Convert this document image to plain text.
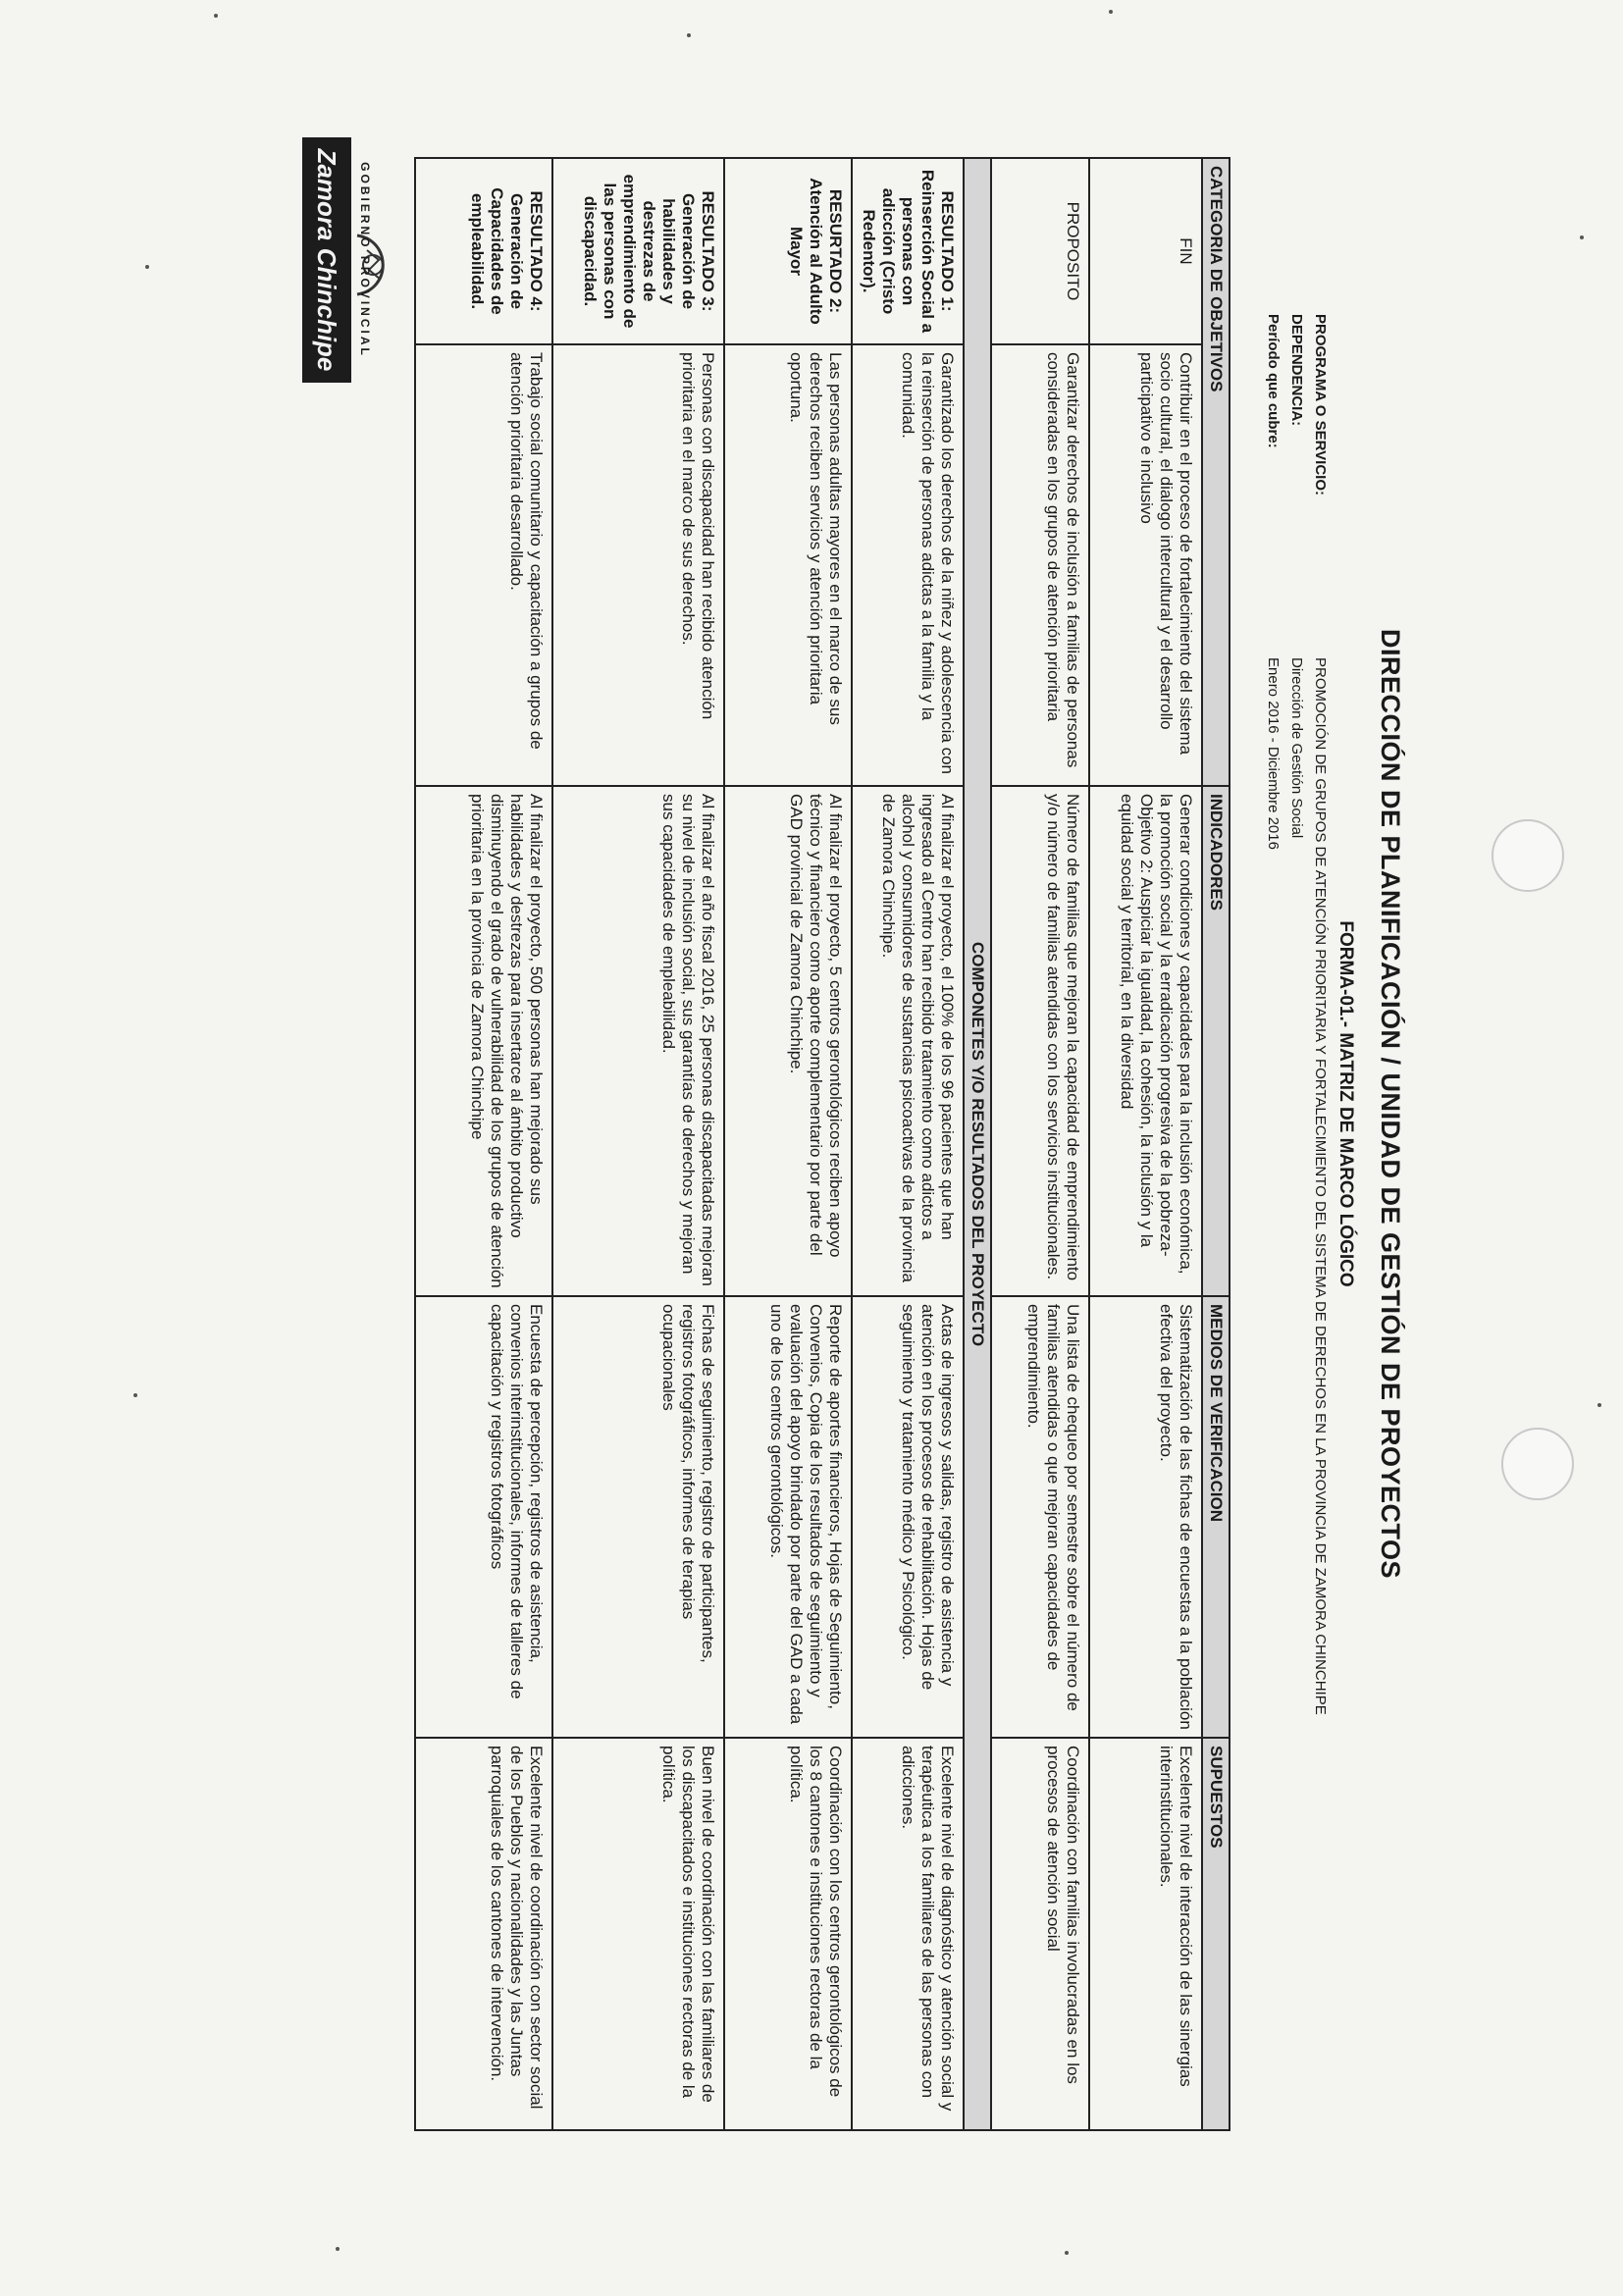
GOBIERNO PROVINCIAL
Zamora Chinchipe
DIRECCIÓN DE PLANIFICACIÓN / UNIDAD DE GESTIÓN DE PROYECTOS
FORMA-01.- MATRIZ DE MARCO LÓGICO
PROGRAMA O SERVICIO:
PROMOCIÓN DE GRUPOS DE ATENCIÓN PRIORITARIA Y FORTALECIMIENTO DEL SISTEMA DE DERECHOS EN LA PROVINCIA DE ZAMORA CHINCHIPE
DEPENDENCIA:
Dirección de Gestión Social
Período que cubre:
Enero 2016 - Diciembre 2016
CATEGORIA DE OBJETIVOS		INDICADORES	MEDIOS DE VERIFICACION	SUPUESTOS
FIN	Contribuir en el proceso de fortalecimiento del sistema socio cultural, el dialogo intercultural y el desarrollo participativo e inclusivo	Generar condiciones y capacidades para la inclusión económica, la promoción social y la erradicación progresiva de la pobreza- Objetivo 2: Auspiciar la igualdad, la cohesión, la inclusión y la equidad social y territorial, en la diversidad	Sistematización de las fichas de encuestas a la población efectiva del proyecto.	Excelente nivel de interacción de las sinergias interinstitucionales.
PROPOSITO	Garantizar derechos de inclusión a familias de personas consideradas en los grupos de atención prioritaria	Número de familias que mejoran la capacidad de emprendimiento y/o número de familias atendidas con los servicios institucionales.	Una lista de chequeo por semestre sobre el número de familias atendidas o que mejoran capacidades de emprendimiento.	Coordinación con familias involucradas en los procesos de atención social
COMPONETES Y/O RESULTADOS DEL PROYECTO				
RESULTADO 1: Reinserción Social a personas con adicción (Cristo Redentor).	Garantizado los derechos de la niñez y adolescencia con la reinserción de personas adictas a la familia y la comunidad.	Al finalizar el proyecto, el 100% de los 96 pacientes que han ingresado al Centro han recibido tratamiento como adictos a alcohol y consumidores de sustancias psicoactivas de la provincia de Zamora Chinchipe.	Actas de ingresos y salidas, registro de asistencia y atención en los procesos de rehabilitación. Hojas de seguimiento y tratamiento médico y Psicológico.	Excelente nivel de diagnóstico y atención social y terapéutica a los familiares de las personas con adicciones.
RESURTADO 2: Atención al Adulto Mayor	Las personas adultas mayores en el marco de sus derechos reciben servicios y atención prioritaria oportuna.	Al finalizar el proyecto, 5 centros gerontológicos reciben apoyo técnico y financiero como aporte complementario por parte del GAD provincial de Zamora Chinchipe.	Reporte de aportes financieros, Hojas de Seguimiento, Convenios, Copia de los resultados de seguimiento y evaluación del apoyo brindado por parte del GAD a cada uno de los centros gerontológicos.	Coordinación con los centros gerontológicos de los 8 cantones e instituciones rectoras de la política.
RESULTADO 3: Generación de habilidades y destrezas de emprendimiento de las personas con discapacidad.	Personas con discapacidad han recibido atención prioritaria en el marco de sus derechos.	Al finalizar el año fiscal 2016, 25 personas discapacitadas mejoran su nivel de inclusión social, sus garantías de derechos y mejoran sus capacidades de empleabilidad.	Fichas de seguimiento, registro de participantes, registros fotográficos, informes de terapias ocupacionales	Buen nivel de coordinación con las familiares de los discapacitados e instituciones rectoras de la política.
RESULTADO 4: Generación de Capacidades de empleabilidad.	Trabajo social comunitario y capacitación a grupos de atención prioritaria desarrollado.	Al finalizar el proyecto, 500 personas han mejorado sus habilidades y destrezas para insertarce al ámbito productivo disminuyendo el grado de vulnerabilidad de los grupos de atención prioritaria en la provincia de Zamora Chinchipe	Encuesta de percepción, registros de asistencia, convenios interinstitucionales, informes de talleres de capacitación y registros fotográficos	Excelente nivel de coordinación con sector social de los Pueblos y nacionalidades y las Juntas parroquiales de los cantones de intervención.
